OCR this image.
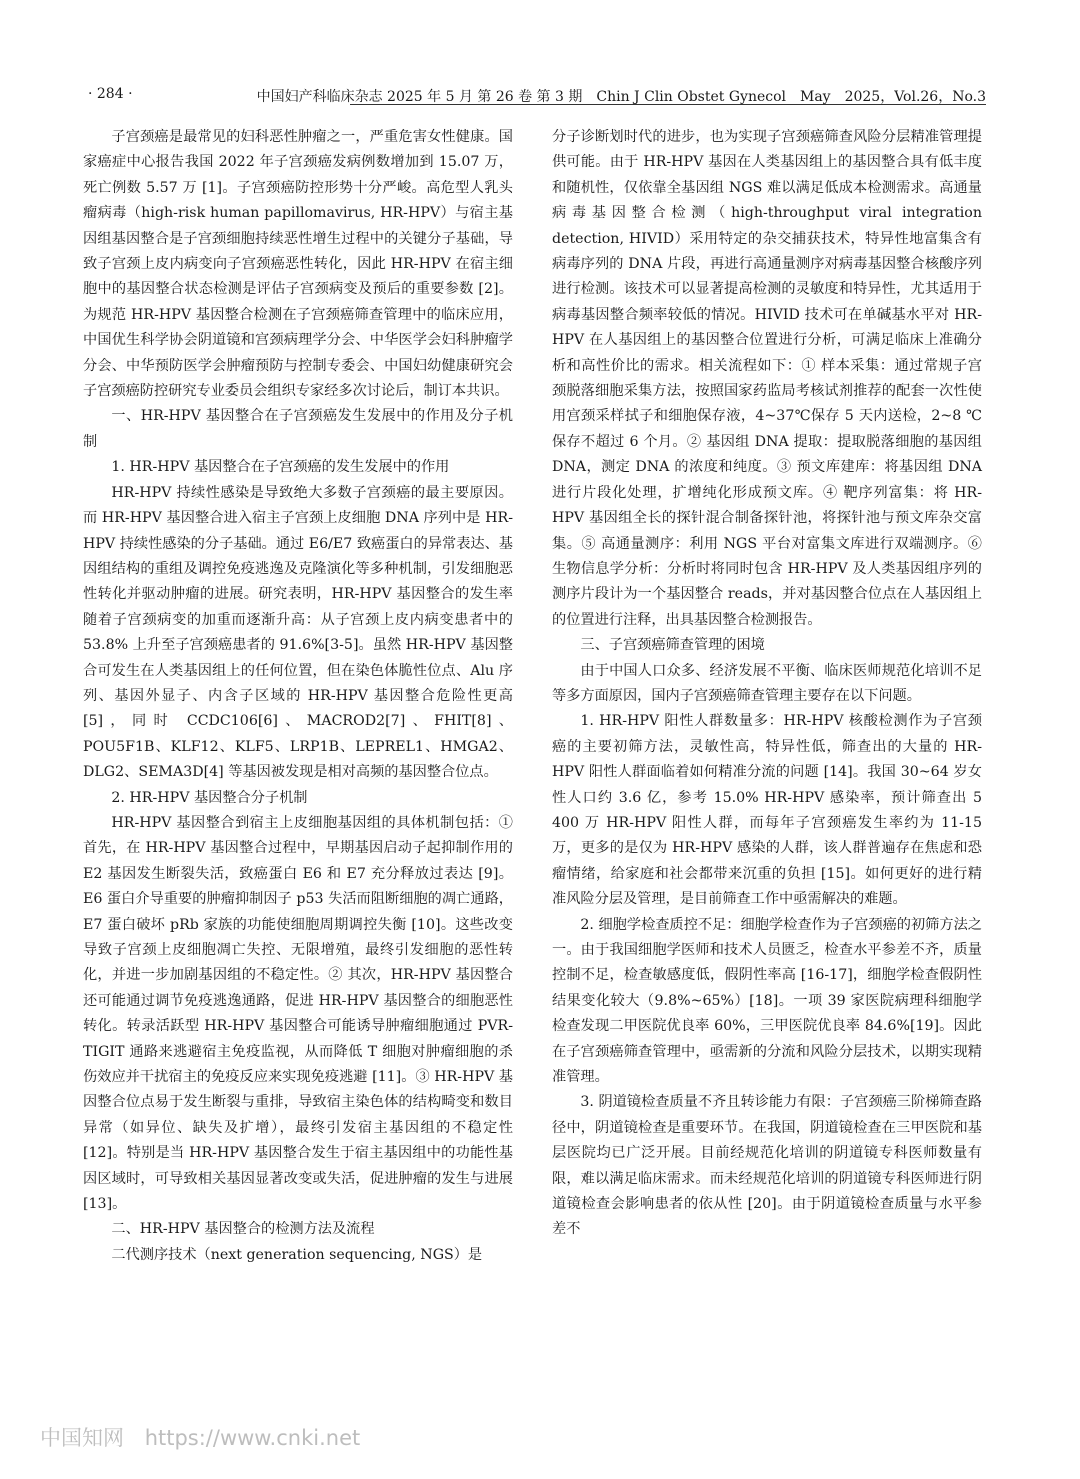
· 284 ·	中国妇产科临床杂志 2025 年 5 月 第 26 卷 第 3 期　Chin J Clin Obstet Gynecol　May　2025，Vol.26，No.3

子宫颈癌是最常见的妇科恶性肿瘤之一，严重危害女性健康。国家癌症中心报告我国 2022 年子宫颈癌发病例数增加到 15.07 万，死亡例数 5.57 万 [1]。子宫颈癌防控形势十分严峻。高危型人乳头瘤病毒（high-risk human papillomavirus, HR-HPV）与宿主基因组基因整合是子宫颈细胞持续恶性增生过程中的关键分子基础，导致子宫颈上皮内病变向子宫颈癌恶性转化，因此 HR-HPV 在宿主细胞中的基因整合状态检测是评估子宫颈病变及预后的重要参数 [2]。为规范 HR-HPV 基因整合检测在子宫颈癌筛查管理中的临床应用，中国优生科学协会阴道镜和宫颈病理学分会、中华医学会妇科肿瘤学分会、中华预防医学会肿瘤预防与控制专委会、中国妇幼健康研究会子宫颈癌防控研究专业委员会组织专家经多次讨论后，制订本共识。

一、HR-HPV 基因整合在子宫颈癌发生发展中的作用及分子机制

1. HR-HPV 基因整合在子宫颈癌的发生发展中的作用

HR-HPV 持续性感染是导致绝大多数子宫颈癌的最主要原因。而 HR-HPV 基因整合进入宿主子宫颈上皮细胞 DNA 序列中是 HR-HPV 持续性感染的分子基础。通过 E6/E7 致癌蛋白的异常表达、基因组结构的重组及调控免疫逃逸及克隆演化等多种机制，引发细胞恶性转化并驱动肿瘤的进展。研究表明，HR-HPV 基因整合的发生率随着子宫颈病变的加重而逐渐升高：从子宫颈上皮内病变患者中的 53.8% 上升至子宫颈癌患者的 91.6%[3-5]。虽然 HR-HPV 基因整合可发生在人类基因组上的任何位置，但在染色体脆性位点、Alu 序列、基因外显子、内含子区域的 HR-HPV 基因整合危险性更高 [5]，同时 CCDC106[6]、MACROD2[7]、FHIT[8]、POU5F1B、KLF12、KLF5、LRP1B、LEPREL1、HMGA2、DLG2、SEMA3D[4] 等基因被发现是相对高频的基因整合位点。

2. HR-HPV 基因整合分子机制

HR-HPV 基因整合到宿主上皮细胞基因组的具体机制包括：① 首先，在 HR-HPV 基因整合过程中，早期基因启动子起抑制作用的 E2 基因发生断裂失活，致癌蛋白 E6 和 E7 充分释放过表达 [9]。E6 蛋白介导重要的肿瘤抑制因子 p53 失活而阻断细胞的凋亡通路，E7 蛋白破坏 pRb 家族的功能使细胞周期调控失衡 [10]。这些改变导致子宫颈上皮细胞凋亡失控、无限增殖，最终引发细胞的恶性转化，并进一步加剧基因组的不稳定性。② 其次，HR-HPV 基因整合还可能通过调节免疫逃逸通路，促进 HR-HPV 基因整合的细胞恶性转化。转录活跃型 HR-HPV 基因整合可能诱导肿瘤细胞通过 PVR-TIGIT 通路来逃避宿主免疫监视，从而降低 T 细胞对肿瘤细胞的杀伤效应并干扰宿主的免疫反应来实现免疫逃避 [11]。③ HR-HPV 基因整合位点易于发生断裂与重排，导致宿主染色体的结构畸变和数目异常（如异位、缺失及扩增），最终引发宿主基因组的不稳定性 [12]。特别是当 HR-HPV 基因整合发生于宿主基因组中的功能性基因区域时，可导致相关基因显著改变或失活，促进肿瘤的发生与进展 [13]。

二、HR-HPV 基因整合的检测方法及流程

二代测序技术（next generation sequencing, NGS）是

分子诊断划时代的进步，也为实现子宫颈癌筛查风险分层精准管理提供可能。由于 HR-HPV 基因在人类基因组上的基因整合具有低丰度和随机性，仅依靠全基因组 NGS 难以满足低成本检测需求。高通量病毒基因整合检测（high-throughput viral integration detection, HIVID）采用特定的杂交捕获技术，特异性地富集含有病毒序列的 DNA 片段，再进行高通量测序对病毒基因整合核酸序列进行检测。该技术可以显著提高检测的灵敏度和特异性，尤其适用于病毒基因整合频率较低的情况。HIVID 技术可在单碱基水平对 HR-HPV 在人基因组上的基因整合位置进行分析，可满足临床上准确分析和高性价比的需求。相关流程如下：① 样本采集：通过常规子宫颈脱落细胞采集方法，按照国家药监局考核试剂推荐的配套一次性使用宫颈采样拭子和细胞保存液，4~37℃保存 5 天内送检，2~8 ℃保存不超过 6 个月。② 基因组 DNA 提取：提取脱落细胞的基因组 DNA，测定 DNA 的浓度和纯度。③ 预文库建库：将基因组 DNA 进行片段化处理，扩增纯化形成预文库。④ 靶序列富集：将 HR-HPV 基因组全长的探针混合制备探针池，将探针池与预文库杂交富集。⑤ 高通量测序：利用 NGS 平台对富集文库进行双端测序。⑥ 生物信息学分析：分析时将同时包含 HR-HPV 及人类基因组序列的测序片段计为一个基因整合 reads，并对基因整合位点在人基因组上的位置进行注释，出具基因整合检测报告。

三、子宫颈癌筛查管理的困境

由于中国人口众多、经济发展不平衡、临床医师规范化培训不足等多方面原因，国内子宫颈癌筛查管理主要存在以下问题。

1. HR-HPV 阳性人群数量多：HR-HPV 核酸检测作为子宫颈癌的主要初筛方法，灵敏性高，特异性低，筛查出的大量的 HR-HPV 阳性人群面临着如何精准分流的问题 [14]。我国 30~64 岁女性人口约 3.6 亿，参考 15.0% HR-HPV 感染率，预计筛查出 5 400 万 HR-HPV 阳性人群，而每年子宫颈癌发生率约为 11-15 万，更多的是仅为 HR-HPV 感染的人群，该人群普遍存在焦虑和恐瘤情绪，给家庭和社会都带来沉重的负担 [15]。如何更好的进行精准风险分层及管理，是目前筛查工作中亟需解决的难题。

2. 细胞学检查质控不足：细胞学检查作为子宫颈癌的初筛方法之一。由于我国细胞学医师和技术人员匮乏，检查水平参差不齐，质量控制不足，检查敏感度低，假阴性率高 [16-17]，细胞学检查假阴性结果变化较大（9.8%~65%）[18]。一项 39 家医院病理科细胞学检查发现二甲医院优良率 60%，三甲医院优良率 84.6%[19]。因此在子宫颈癌筛查管理中，亟需新的分流和风险分层技术，以期实现精准管理。

3. 阴道镜检查质量不齐且转诊能力有限：子宫颈癌三阶梯筛查路径中，阴道镜检查是重要环节。在我国，阴道镜检查在三甲医院和基层医院均已广泛开展。目前经规范化培训的阴道镜专科医师数量有限，难以满足临床需求。而未经规范化培训的阴道镜专科医师进行阴道镜检查会影响患者的依从性 [20]。由于阴道镜检查质量与水平参差不

中国知网 https://www.cnki.net
